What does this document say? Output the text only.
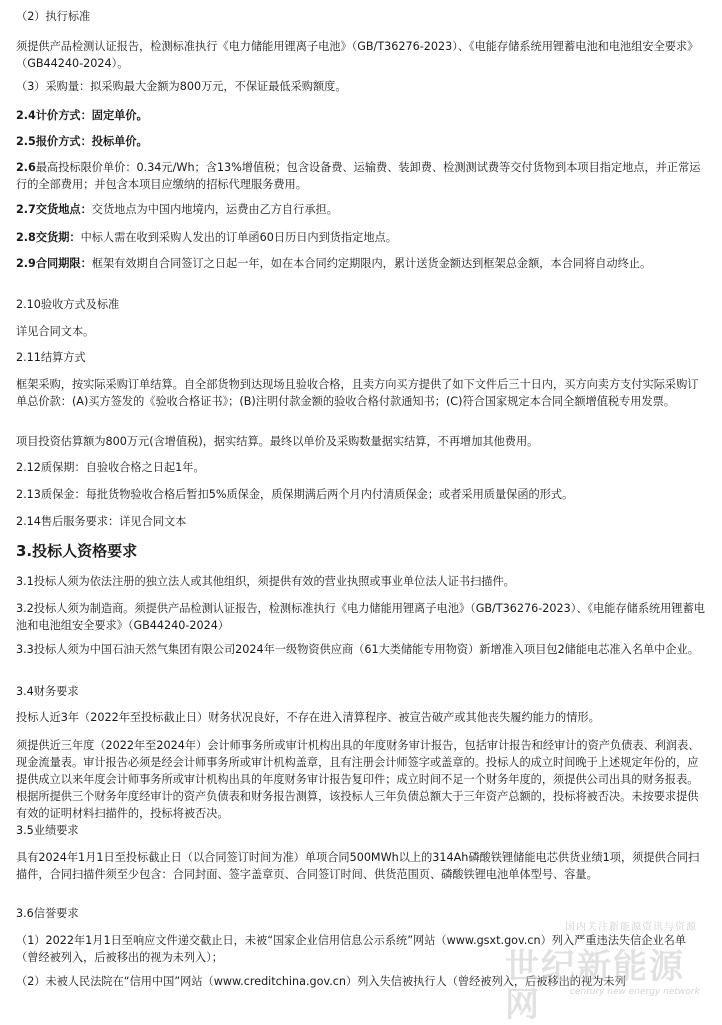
（2）执行标准

须提供产品检测认证报告，检测标准执行《电力储能用锂离子电池》（GB/T36276-2023）、《电能存储系统用锂蓄电池和电池组安全要求》（GB44240-2024）。

（3）采购量：拟采购最大金额为800万元，不保证最低采购额度。

2.4计价方式：固定单价。

2.5报价方式：投标单价。

2.6最高投标限价单价：0.34元/Wh；含13%增值税；包含设备费、运输费、装卸费、检测测试费等交付货物到本项目指定地点，并正常运行的全部费用；并包含本项目应缴纳的招标代理服务费用。

2.7交货地点：交货地点为中国内地境内，运费由乙方自行承担。

2.8交货期：中标人需在收到采购人发出的订单函60日历日内到货指定地点。

2.9合同期限：框架有效期自合同签订之日起一年，如在本合同约定期限内，累计送货金额达到框架总金额，本合同将自动终止。

2.10验收方式及标准

详见合同文本。

2.11结算方式

框架采购，按实际采购订单结算。自全部货物到达现场且验收合格，且卖方向买方提供了如下文件后三十日内，买方向卖方支付实际采购订单总价款：(A)买方签发的《验收合格证书》；(B)注明付款金额的验收合格付款通知书；(C)符合国家规定本合同全额增值税专用发票。

项目投资估算额为800万元(含增值税)，据实结算。最终以单价及采购数量据实结算，不再增加其他费用。

2.12质保期：自验收合格之日起1年。

2.13质保金：每批货物验收合格后暂扣5%质保金，质保期满后两个月内付清质保金；或者采用质量保函的形式。

2.14售后服务要求：详见合同文本

3.投标人资格要求

3.1投标人须为依法注册的独立法人或其他组织，须提供有效的营业执照或事业单位法人证书扫描件。

3.2投标人须为制造商。须提供产品检测认证报告，检测标准执行《电力储能用锂离子电池》（GB/T36276-2023）、《电能存储系统用锂蓄电池和电池组安全要求》（GB44240-2024）

3.3投标人须为中国石油天然气集团有限公司2024年一级物资供应商（61大类储能专用物资）新增准入项目包2储能电芯准入名单中企业。

3.4财务要求

投标人近3年（2022年至投标截止日）财务状况良好，不存在进入清算程序、被宣告破产或其他丧失履约能力的情形。

须提供近三年度（2022年至2024年）会计师事务所或审计机构出具的年度财务审计报告，包括审计报告和经审计的资产负债表、利润表、现金流量表。审计报告必须是经会计师事务所或审计机构盖章，且有注册会计师签字或盖章的。投标人的成立时间晚于上述规定年份的，应提供成立以来年度会计师事务所或审计机构出具的年度财务审计报告复印件；成立时间不足一个财务年度的，须提供公司出具的财务报表。根据所提供三个财务年度经审计的资产负债表和财务报告测算，该投标人三年负债总额大于三年资产总额的，投标将被否决。未按要求提供有效的证明材料扫描件的，投标将被否决。

3.5业绩要求

具有2024年1月1日至投标截止日（以合同签订时间为准）单项合同500MWh以上的314Ah磷酸铁锂储能电芯供货业绩1项，须提供合同扫描件，合同扫描件须至少包含：合同封面、签字盖章页、合同签订时间、供货范围页、磷酸铁锂电池单体型号、容量。

3.6信誉要求

（1）2022年1月1日至响应文件递交截止日，未被“国家企业信用信息公示系统”网站（www.gsxt.gov.cn）列入严重违法失信企业名单（曾经被列入，后被移出的视为未列入）；

（2）未被人民法院在“信用中国”网站（www.creditchina.gov.cn）列入失信被执行人（曾经被列入，后被移出的视为未列

国内关注新能源资讯与资源
世纪新能源网	century new energy network
